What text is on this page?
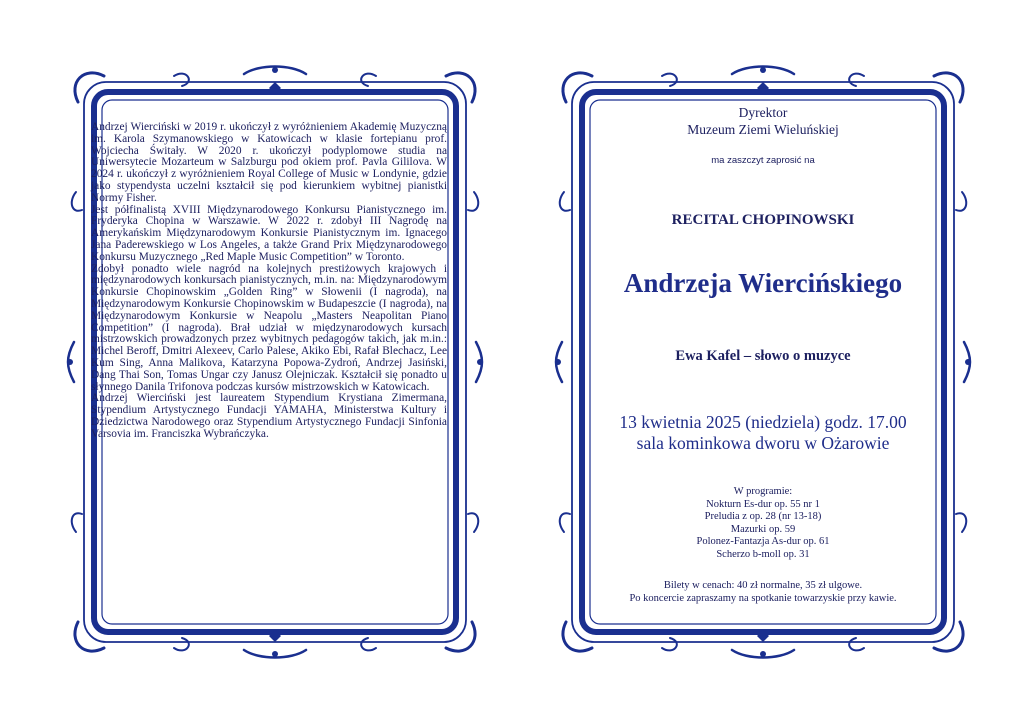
Andrzej Wierciński w 2019 r. ukończył z wyróżnieniem Akademię Muzyczną im. Karola Szymanowskiego w Katowicach w klasie fortepianu prof. Wojciecha Świtały. W 2020 r. ukończył podyplomowe studia na Uniwersytecie Mozarteum w Salzburgu pod okiem prof. Pavla Gililova. W 2024 r. ukończył z wyróżnieniem Royal College of Music w Londynie, gdzie jako stypendysta uczelni kształcił się pod kierunkiem wybitnej pianistki Normy Fisher.

Jest półfinalistą XVIII Międzynarodowego Konkursu Pianistycznego im. Fryderyka Chopina w Warszawie. W 2022 r. zdobył III Nagrodę na Amerykańskim Międzynarodowym Konkursie Pianistycznym im. Ignacego Jana Paderewskiego w Los Angeles, a także Grand Prix Międzynarodowego Konkursu Muzycznego „Red Maple Music Competition” w Toronto.

Zdobył ponadto wiele nagród na kolejnych prestiżowych krajowych i międzynarodowych konkursach pianistycznych, m.in. na: Międzynarodowym Konkursie Chopinowskim „Golden Ring” w Słowenii (I nagroda), na Międzynarodowym Konkursie Chopinowskim w Budapeszcie (I nagroda), na Międzynarodowym Konkursie w Neapolu „Masters Neapolitan Piano Competition” (I nagroda). Brał udział w międzynarodowych kursach mistrzowskich prowadzonych przez wybitnych pedagogów takich, jak m.in.: Michel Beroff, Dmitri Alexeev, Carlo Palese, Akiko Ebi, Rafał Blechacz, Lee Kum Sing, Anna Malikova, Katarzyna Popowa-Zydroń, Andrzej Jasiński, Dang Thai Son, Tomas Ungar czy Janusz Olejniczak. Kształcił się ponadto u słynnego Danila Trifonova podczas kursów mistrzowskich w Katowicach.

Andrzej Wierciński jest laureatem Stypendium Krystiana Zimermana, Stypendium Artystycznego Fundacji YAMAHA, Ministerstwa Kultury i Dziedzictwa Narodowego oraz Stypendium Artystycznego Fundacji Sinfonia Varsovia im. Franciszka Wybrańczyka.

Dyrektor
Muzeum Ziemi Wieluńskiej
ma zaszczyt zaprosić na
RECITAL CHOPINOWSKI
Andrzeja Wiercińskiego
Ewa Kafel – słowo o muzyce
13 kwietnia 2025 (niedziela) godz. 17.00
sala kominkowa dworu w Ożarowie
W programie:
Nokturn Es-dur op. 55 nr 1
Preludia z op. 28 (nr 13-18)
Mazurki op. 59
Polonez-Fantazja As-dur op. 61
Scherzo b-moll op. 31
Bilety w cenach: 40 zł normalne, 35 zł ulgowe.
Po koncercie zapraszamy na spotkanie towarzyskie przy kawie.
